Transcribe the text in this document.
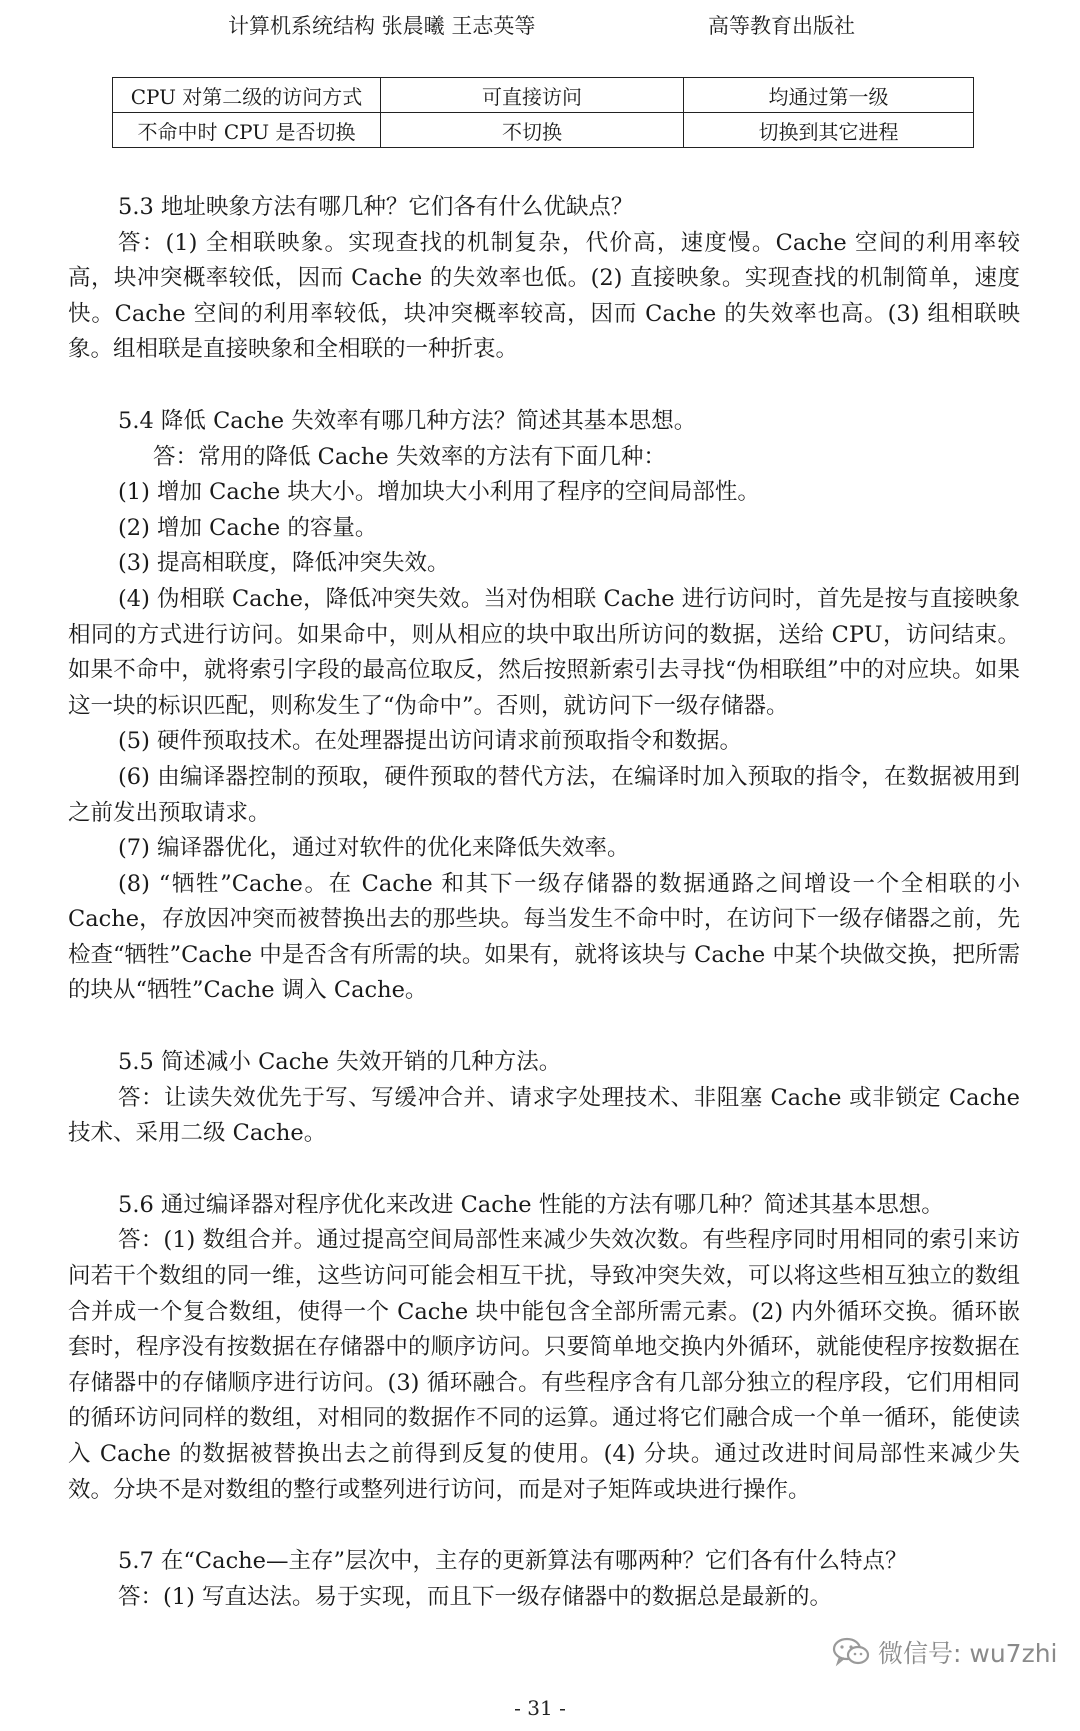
计算机系统结构 张晨曦 王志英等	高等教育出版社
CPU 对第二级的访问方式	可直接访问	均通过第一级
不命中时 CPU 是否切换	不切换	切换到其它进程

5.3 地址映象方法有哪几种？它们各有什么优缺点？

答：(1) 全相联映象。实现查找的机制复杂，代价高，速度慢。Cache 空间的利用率较高，块冲突概率较低，因而 Cache 的失效率也低。(2) 直接映象。实现查找的机制简单，速度快。Cache 空间的利用率较低，块冲突概率较高，因而 Cache 的失效率也高。(3) 组相联映象。组相联是直接映象和全相联的一种折衷。

5.4 降低 Cache 失效率有哪几种方法？简述其基本思想。

答：常用的降低 Cache 失效率的方法有下面几种：

(1) 增加 Cache 块大小。增加块大小利用了程序的空间局部性。

(2) 增加 Cache 的容量。

(3) 提高相联度，降低冲突失效。

(4) 伪相联 Cache，降低冲突失效。当对伪相联 Cache 进行访问时，首先是按与直接映象相同的方式进行访问。如果命中，则从相应的块中取出所访问的数据，送给 CPU，访问结束。如果不命中，就将索引字段的最高位取反，然后按照新索引去寻找“伪相联组”中的对应块。如果这一块的标识匹配，则称发生了“伪命中”。否则，就访问下一级存储器。

(5) 硬件预取技术。在处理器提出访问请求前预取指令和数据。

(6) 由编译器控制的预取，硬件预取的替代方法，在编译时加入预取的指令，在数据被用到之前发出预取请求。

(7) 编译器优化，通过对软件的优化来降低失效率。

(8) “牺牲”Cache。在 Cache 和其下一级存储器的数据通路之间增设一个全相联的小 Cache，存放因冲突而被替换出去的那些块。每当发生不命中时，在访问下一级存储器之前，先检查“牺牲”Cache 中是否含有所需的块。如果有，就将该块与 Cache 中某个块做交换，把所需的块从“牺牲”Cache 调入 Cache。

5.5 简述减小 Cache 失效开销的几种方法。

答：让读失效优先于写、写缓冲合并、请求字处理技术、非阻塞 Cache 或非锁定 Cache 技术、采用二级 Cache。

5.6 通过编译器对程序优化来改进 Cache 性能的方法有哪几种？简述其基本思想。

答：(1) 数组合并。通过提高空间局部性来减少失效次数。有些程序同时用相同的索引来访问若干个数组的同一维，这些访问可能会相互干扰，导致冲突失效，可以将这些相互独立的数组合并成一个复合数组，使得一个 Cache 块中能包含全部所需元素。(2) 内外循环交换。循环嵌套时，程序没有按数据在存储器中的顺序访问。只要简单地交换内外循环，就能使程序按数据在存储器中的存储顺序进行访问。(3) 循环融合。有些程序含有几部分独立的程序段，它们用相同的循环访问同样的数组，对相同的数据作不同的运算。通过将它们融合成一个单一循环，能使读入 Cache 的数据被替换出去之前得到反复的使用。(4) 分块。通过改进时间局部性来减少失效。分块不是对数组的整行或整列进行访问，而是对子矩阵或块进行操作。

5.7 在“Cache—主存”层次中，主存的更新算法有哪两种？它们各有什么特点？

答：(1) 写直达法。易于实现，而且下一级存储器中的数据总是最新的。

微信号: wu7zhi
- 31 -
